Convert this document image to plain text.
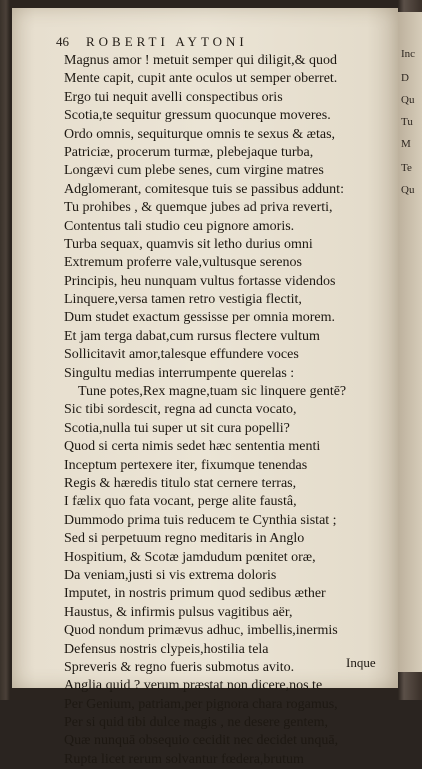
Inc
D
Qu
Tu
M
Te
Qu
46 ROBERTI AYTONI
Magnus amor ! metuit semper qui diligit,& quod
Mente capit, cupit ante oculos ut semper oberret.
Ergo tui nequit avelli conspectibus oris
Scotia,te sequitur gressum quocunque moveres.
Ordo omnis, sequiturque omnis te sexus & ætas,
Patriciæ, procerum turmæ, plebejaque turba,
Longævi cum plebe senes, cum virgine matres
Adglomerant, comitesque tuis se passibus addunt:
Tu prohibes , & quemque jubes ad priva reverti,
Contentus tali studio ceu pignore amoris.
Turba sequax, quamvis sit letho durius omni
Extremum proferre vale,vultusque serenos
Principis, heu nunquam vultus fortasse videndos
Linquere,versa tamen retro vestigia flectit,
Dum studet exactum gessisse per omnia morem.
Et jam terga dabat,cum rursus flectere vultum
Sollicitavit amor,talesque effundere voces
Singultu medias interrumpente querelas :
Tune potes,Rex magne,tuam sic linquere gentē?
Sic tibi sordescit, regna ad cuncta vocato,
Scotia,nulla tui super ut sit cura popelli?
Quod si certa nimis sedet hæc sententia menti
Inceptum pertexere iter, fixumque tenendas
Regis & hæredis titulo stat cernere terras,
I fælix quo fata vocant, perge alite faustâ,
Dummodo prima tuis reducem te Cynthia sistat ;
Sed si perpetuum regno meditaris in Anglo
Hospitium, & Scotæ jamdudum pœnitet oræ,
Da veniam,justi si vis extrema doloris
Imputet, in nostris primum quod sedibus æther
Haustus, & infirmis pulsus vagitibus aër,
Quod nondum primævus adhuc, imbellis,inermis
Defensus nostris clypeis,hostilia tela
Spreveris & regno fueris submotus avito.
Anglia quid ? verum præstat non dicere,nos te
Per Genium, patriam,per pignora chara rogamus,
Per si quid tibi dulce magis , ne desere gentem,
Quæ nunquā obsequio cecidit nec decidet unquā,
Rupta licet rerum solvantur fœdera,brutum
Inque
